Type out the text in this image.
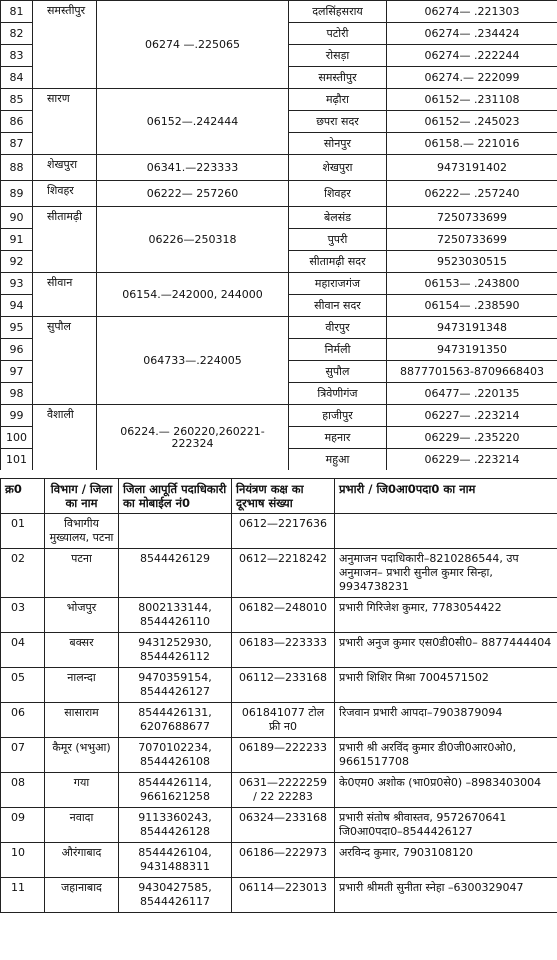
81	समस्तीपुर	06274 —.225065	दलसिंहसराय	06274— .221303
82			पटोरी	06274— .234424
83			रोसड़ा	06274— .222244
84			समस्तीपुर	06274.— 222099
85	सारण	06152—.242444	मढ़ौरा	06152— .231108
86			छपरा सदर	06152— .245023
87			सोनपुर	06158.— 221016
88	शेखपुरा	06341.—223333	शेखपुरा	9473191402
89	शिवहर	06222— 257260	शिवहर	06222— .257240
90	सीतामढ़ी	06226—250318	बेलसंड	7250733699
91			पुपरी	7250733699
92			सीतामढ़ी सदर	9523030515
93	सीवान	06154.—242000, 244000	महाराजगंज	06153— .243800
94			सीवान सदर	06154— .238590
95	सुपौल	064733—.224005	वीरपुर	9473191348
96			निर्मली	9473191350
97			सुपौल	8877701563-8709668403
98			त्रिवेणीगंज	06477— .220135
99	वैशाली	06224.— 260220,260221-222324	हाजीपुर	06227— .223214
100			महनार	06229— .235220
101			महुआ	06229— .223214
क्र0	विभाग / जिला का नाम	जिला आपूर्ति पदाधिकारी का मोबाईल नं0	नियंत्रण कक्ष का दूरभाष संख्या	प्रभारी / जि0आ0पदा0 का नाम
01	विभागीय मुख्यालय, पटना		0612—2217636	
02	पटना	8544426129	0612—2218242	अनुमाजन पदाधिकारी–8210286544, उप अनुमाजन– प्रभारी सुनील कुमार सिन्हा, 9934738231
03	भोजपुर	8002133144, 8544426110	06182—248010	प्रभारी गिरिजेश कुमार, 7783054422
04	बक्सर	9431252930, 8544426112	06183—223333	प्रभारी अनुज कुमार एस0डी0सी0– 8877444404
05	नालन्दा	9470359154, 8544426127	06112—233168	प्रभारी शिशिर मिश्रा 7004571502
06	सासाराम	8544426131, 6207688677	061841077 टोल फ्री न0	रिजवान प्रभारी आपदा–7903879094
07	कैमूर (भभुआ)	7070102234, 8544426108	06189—222233	प्रभारी श्री अरविंद कुमार डी0जी0आर0ओ0, 9661517708
08	गया	8544426114, 9661621258	0631—2222259 / 22 22283	के0एम0 अशोक (भा0प्र0से0) –8983403004
09	नवादा	9113360243, 8544426128	06324—233168	प्रभारी संतोष श्रीवास्तव, 9572670641 जि0आ0पदा0–8544426127
10	औरंगाबाद	8544426104, 9431488311	06186—222973	अरविन्द कुमार, 7903108120
11	जहानाबाद	9430427585, 8544426117	06114—223013	प्रभारी श्रीमती सुनीता स्नेहा –6300329047
